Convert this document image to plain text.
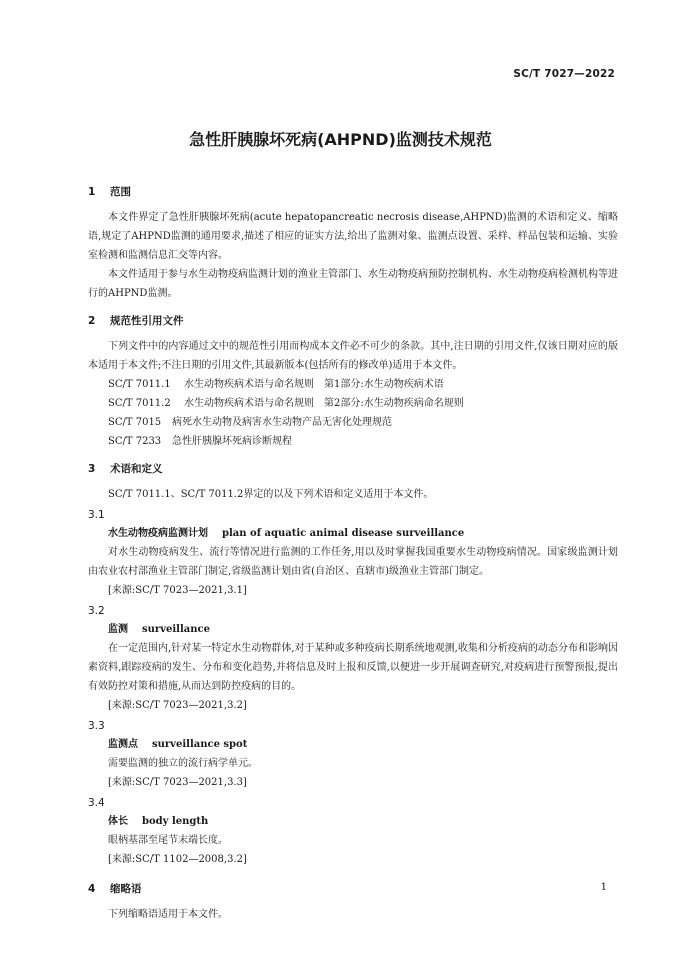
SC/T 7027—2022
急性肝胰腺坏死病(AHPND)监测技术规范
1 范围

本文件界定了急性肝胰腺坏死病(acute hepatopancreatic necrosis disease,AHPND)监测的术语和定义、缩略语,规定了AHPND监测的通用要求,描述了相应的证实方法,给出了监测对象、监测点设置、采样、样品包装和运输、实验室检测和监测信息汇交等内容。

本文件适用于参与水生动物疫病监测计划的渔业主管部门、水生动物疫病预防控制机构、水生动物疫病检测机构等进行的AHPND监测。

2 规范性引用文件

下列文件中的内容通过文中的规范性引用而构成本文件必不可少的条款。其中,注日期的引用文件,仅该日期对应的版本适用于本文件;不注日期的引用文件,其最新版本(包括所有的修改单)适用于本文件。

SC/T 7011.1 水生动物疾病术语与命名规则　第1部分:水生动物疾病术语
SC/T 7011.2 水生动物疾病术语与命名规则　第2部分:水生动物疾病命名规则
SC/T 7015 病死水生动物及病害水生动物产品无害化处理规范
SC/T 7233 急性肝胰腺坏死病诊断规程
3 术语和定义

SC/T 7011.1、SC/T 7011.2界定的以及下列术语和定义适用于本文件。

3.1
水生动物疫病监测计划 plan of aquatic animal disease surveillance

对水生动物疫病发生、流行等情况进行监测的工作任务,用以及时掌握我国重要水生动物疫病情况。国家级监测计划由农业农村部渔业主管部门制定,省级监测计划由省(自治区、直辖市)级渔业主管部门制定。

[来源:SC/T 7023—2021,3.1]
3.2
监测 surveillance

在一定范围内,针对某一特定水生动物群体,对于某种或多种疫病长期系统地观测,收集和分析疫病的动态分布和影响因素资料,跟踪疫病的发生、分布和变化趋势,并将信息及时上报和反馈,以便进一步开展调查研究,对疫病进行预警预报,提出有效防控对策和措施,从而达到防控疫病的目的。

[来源:SC/T 7023—2021,3.2]
3.3
监测点 surveillance spot

需要监测的独立的流行病学单元。

[来源:SC/T 7023—2021,3.3]
3.4
体长 body length

眼柄基部至尾节末端长度。

[来源:SC/T 1102—2008,3.2]
4 缩略语

下列缩略语适用于本文件。

1
